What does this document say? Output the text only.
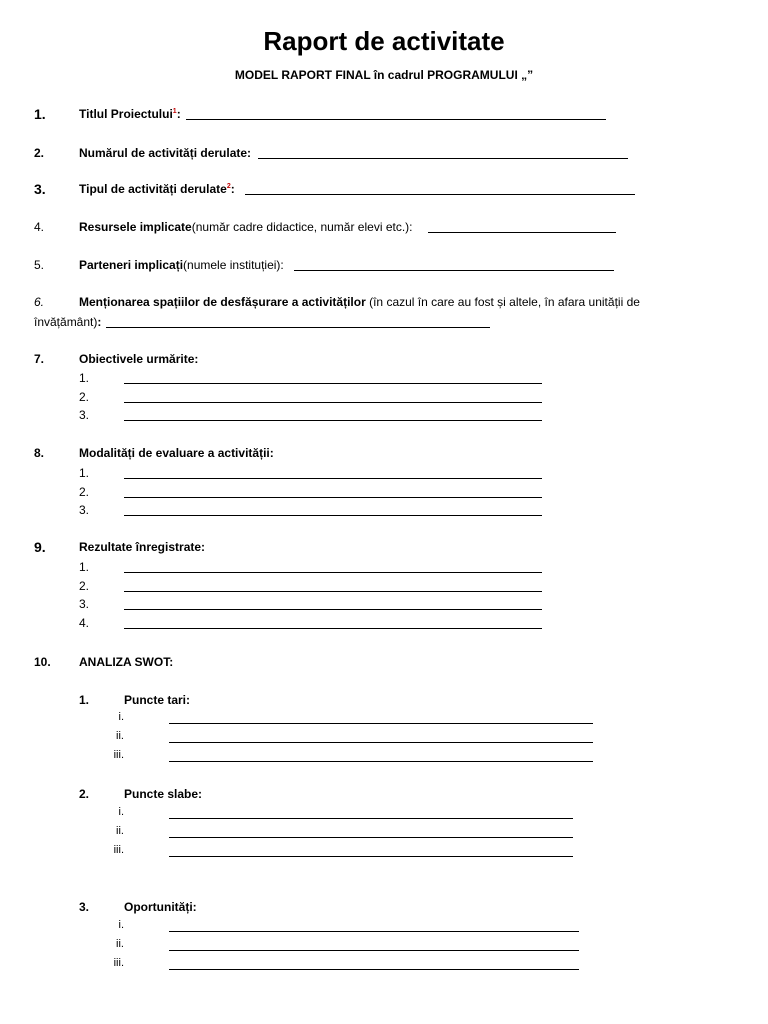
Raport de activitate
MODEL RAPORT FINAL în cadrul PROGRAMULUI „”
1.	Titlul Proiectului$^1$:
2.	Numărul de activități derulate:
3.	Tipul de activități derulate$^2$:
4.	Resursele implicate(număr cadre didactice, număr elevi etc.):
5.	Parteneri implicați(numele instituției):
6.	Menționarea spațiilor de desfășurare a activităților (în cazul în care au fost și altele, în afara unității de
învățământ):
7.	Obiectivele urmărite:
1.
2.
3.
8.	Modalități de evaluare a activității:
1.
2.
3.
9.	Rezultate înregistrate:
1.
2.
3.
4.
10. ANALIZA SWOT:
1.	Puncte tari:
i.
ii.
iii.
2.	Puncte slabe:
i.
ii.
iii.
3.	Oportunități:
i.
ii.
iii.
